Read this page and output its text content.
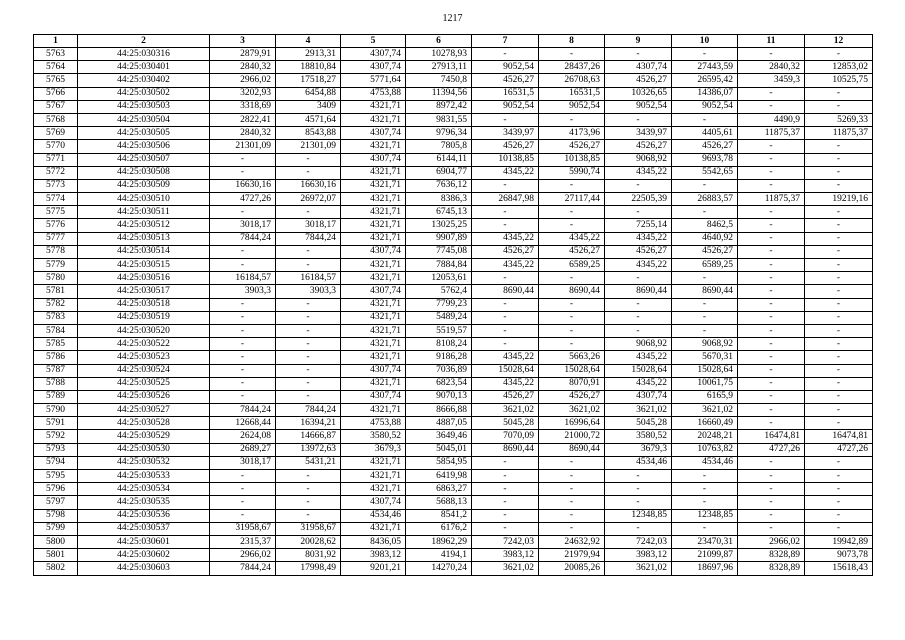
1217
1	2	3	4	5	6	7	8	9	10	11	12
5763	44:25:030316	2879,91	2913,31	4307,74	10278,93	-	-	-	-	-	-
5764	44:25:030401	2840,32	18810,84	4307,74	27913,11	9052,54	28437,26	4307,74	27443,59	2840,32	12853,02
5765	44:25:030402	2966,02	17518,27	5771,64	7450,8	4526,27	26708,63	4526,27	26595,42	3459,3	10525,75
5766	44:25:030502	3202,93	6454,88	4753,88	11394,56	16531,5	16531,5	10326,65	14386,07	-	-
5767	44:25:030503	3318,69	3409	4321,71	8972,42	9052,54	9052,54	9052,54	9052,54	-	-
5768	44:25:030504	2822,41	4571,64	4321,71	9831,55	-	-	-	-	4490,9	5269,33
5769	44:25:030505	2840,32	8543,88	4307,74	9796,34	3439,97	4173,96	3439,97	4405,61	11875,37	11875,37
5770	44:25:030506	21301,09	21301,09	4321,71	7805,8	4526,27	4526,27	4526,27	4526,27	-	-
5771	44:25:030507	-	-	4307,74	6144,11	10138,85	10138,85	9068,92	9693,78	-	-
5772	44:25:030508	-	-	4321,71	6904,77	4345,22	5990,74	4345,22	5542,65	-	-
5773	44:25:030509	16630,16	16630,16	4321,71	7636,12	-	-	-	-	-	-
5774	44:25:030510	4727,26	26972,07	4321,71	8386,3	26847,98	27117,44	22505,39	26883,57	11875,37	19219,16
5775	44:25:030511	-	-	4321,71	6745,13	-	-	-	-	-	-
5776	44:25:030512	3018,17	3018,17	4321,71	13025,25	-	-	7255,14	8462,5	-	-
5777	44:25:030513	7844,24	7844,24	4321,71	9907,89	4345,22	4345,22	4345,22	4640,92	-	-
5778	44:25:030514	-	-	4307,74	7745,08	4526,27	4526,27	4526,27	4526,27	-	-
5779	44:25:030515	-	-	4321,71	7884,84	4345,22	6589,25	4345,22	6589,25	-	-
5780	44:25:030516	16184,57	16184,57	4321,71	12053,61	-	-	-	-	-	-
5781	44:25:030517	3903,3	3903,3	4307,74	5762,4	8690,44	8690,44	8690,44	8690,44	-	-
5782	44:25:030518	-	-	4321,71	7799,23	-	-	-	-	-	-
5783	44:25:030519	-	-	4321,71	5489,24	-	-	-	-	-	-
5784	44:25:030520	-	-	4321,71	5519,57	-	-	-	-	-	-
5785	44:25:030522	-	-	4321,71	8108,24	-	-	9068,92	9068,92	-	-
5786	44:25:030523	-	-	4321,71	9186,28	4345,22	5663,26	4345,22	5670,31	-	-
5787	44:25:030524	-	-	4307,74	7036,89	15028,64	15028,64	15028,64	15028,64	-	-
5788	44:25:030525	-	-	4321,71	6823,54	4345,22	8070,91	4345,22	10061,75	-	-
5789	44:25:030526	-	-	4307,74	9070,13	4526,27	4526,27	4307,74	6165,9	-	-
5790	44:25:030527	7844,24	7844,24	4321,71	8666,88	3621,02	3621,02	3621,02	3621,02	-	-
5791	44:25:030528	12668,44	16394,21	4753,88	4887,05	5045,28	16996,64	5045,28	16660,49	-	-
5792	44:25:030529	2624,08	14666,87	3580,52	3649,46	7070,09	21000,72	3580,52	20248,21	16474,81	16474,81
5793	44:25:030530	2689,27	13972,63	3679,3	5045,01	8690,44	8690,44	3679,3	10763,82	4727,26	4727,26
5794	44:25:030532	3018,17	5431,21	4321,71	5854,95	-	-	4534,46	4534,46	-	-
5795	44:25:030533	-	-	4321,71	6419,98	-	-	-	-	-	-
5796	44:25:030534	-	-	4321,71	6863,27	-	-	-	-	-	-
5797	44:25:030535	-	-	4307,74	5688,13	-	-	-	-	-	-
5798	44:25:030536	-	-	4534,46	8541,2	-	-	12348,85	12348,85	-	-
5799	44:25:030537	31958,67	31958,67	4321,71	6176,2	-	-	-	-	-	-
5800	44:25:030601	2315,37	20028,62	8436,05	18962,29	7242,03	24632,92	7242,03	23470,31	2966,02	19942,89
5801	44:25:030602	2966,02	8031,92	3983,12	4194,1	3983,12	21979,94	3983,12	21099,87	8328,89	9073,78
5802	44:25:030603	7844,24	17998,49	9201,21	14270,24	3621,02	20085,26	3621,02	18697,96	8328,89	15618,43
